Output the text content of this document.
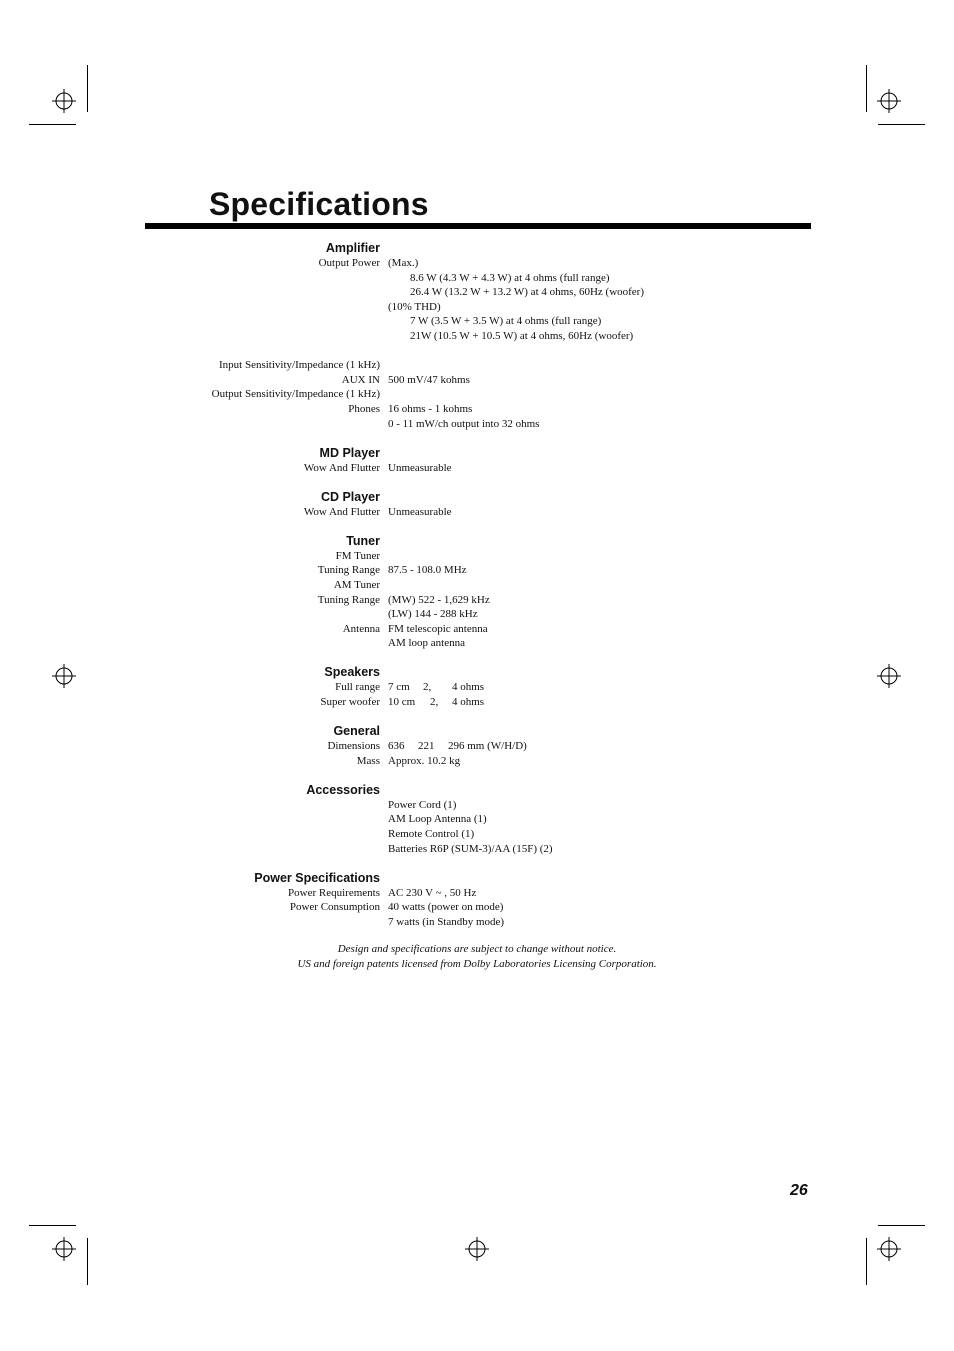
Specifications
Amplifier
Output Power (Max.)
8.6 W (4.3 W + 4.3 W) at 4 ohms (full range)
26.4 W (13.2 W + 13.2 W) at 4 ohms, 60Hz (woofer)
(10% THD)
7 W (3.5 W + 3.5 W) at 4 ohms (full range)
21W (10.5 W + 10.5 W) at 4 ohms, 60Hz (woofer)
Input Sensitivity/Impedance (1 kHz)
AUX IN 500 mV/47 kohms
Output Sensitivity/Impedance (1 kHz)
Phones 16 ohms - 1 kohms
0 - 11 mW/ch output into 32 ohms
MD Player
Wow And Flutter Unmeasurable
CD Player
Wow And Flutter Unmeasurable
Tuner
FM Tuner
Tuning Range 87.5 - 108.0 MHz
AM Tuner
Tuning Range (MW) 522 - 1,629 kHz
(LW) 144 - 288 kHz
Antenna FM telescopic antenna
AM loop antenna
Speakers
Full range 7 cm 2, 4 ohms
Super woofer 10 cm 2, 4 ohms
General
Dimensions 636 221 296 mm (W/H/D)
Mass Approx. 10.2 kg
Accessories
Power Cord (1)
AM Loop Antenna (1)
Remote Control (1)
Batteries R6P (SUM-3)/AA (15F) (2)
Power Specifications
Power Requirements AC 230 V ~ , 50 Hz
Power Consumption 40 watts (power on mode)
7 watts (in Standby mode)
Design and specifications are subject to change without notice.
US and foreign patents licensed from Dolby Laboratories Licensing Corporation.
26
